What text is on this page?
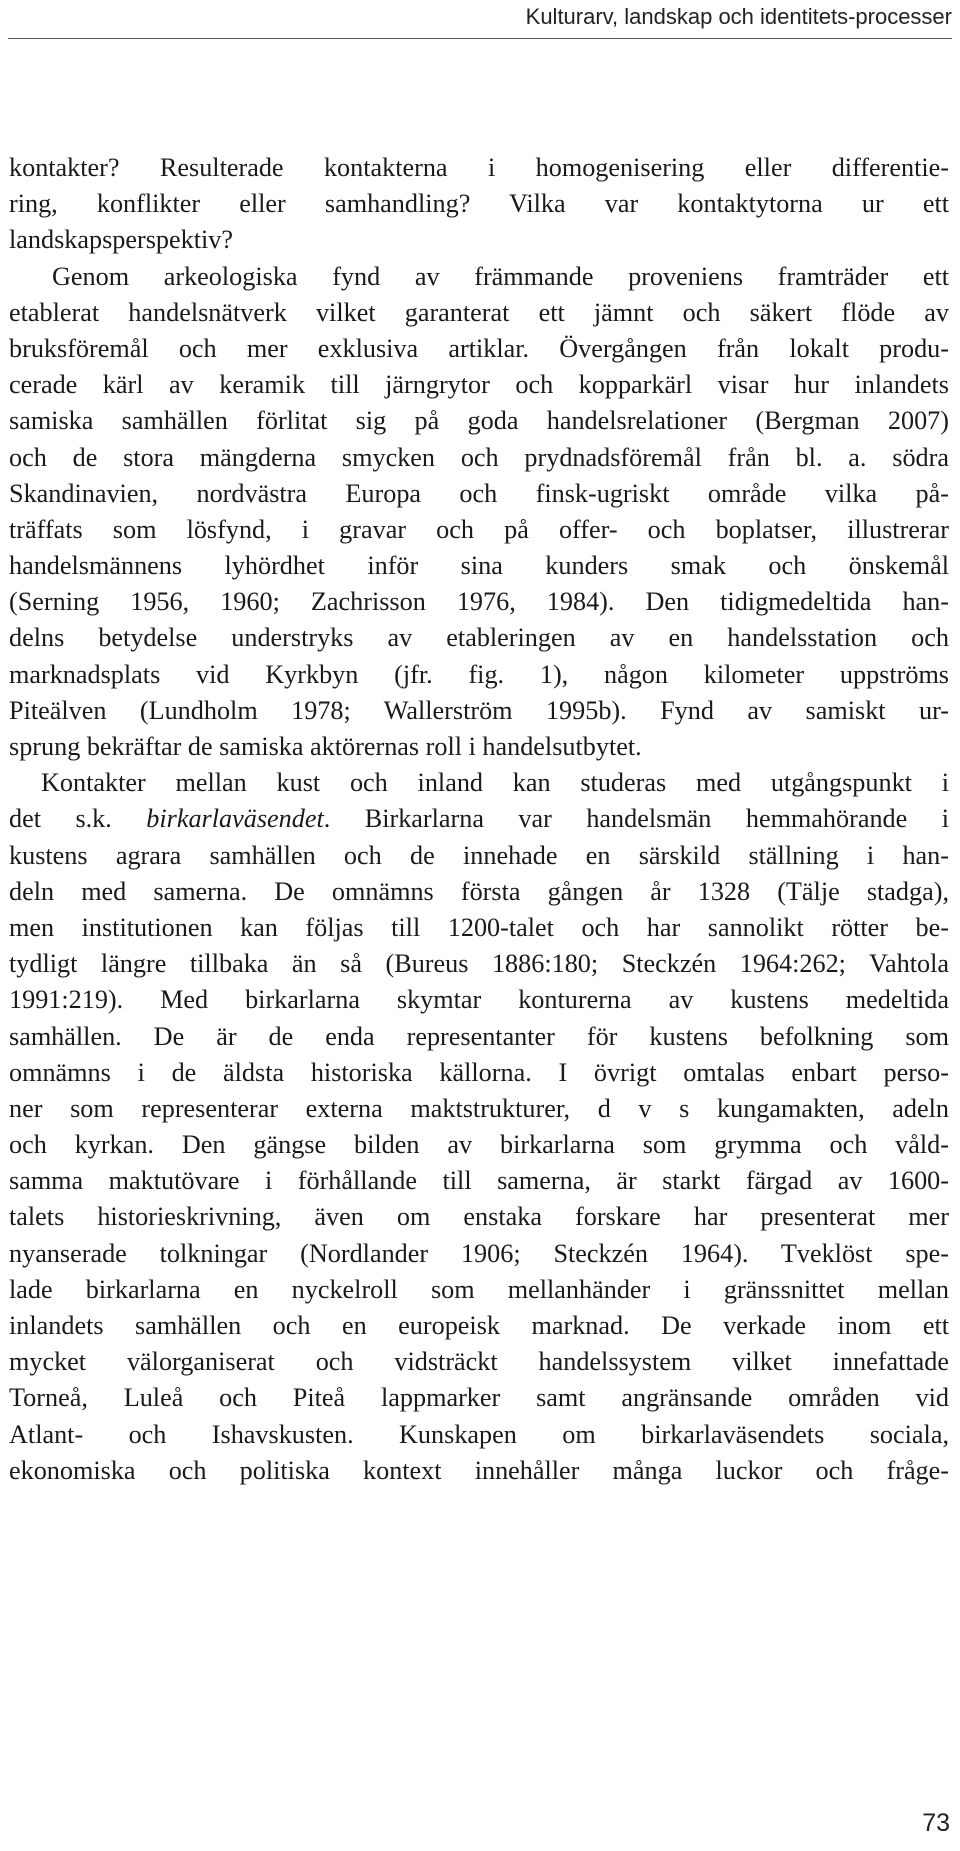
Kulturarv, landskap och identitets-processer
kontakter? Resulterade kontakterna i homogenisering eller differentie-
ring, konflikter eller samhandling? Vilka var kontaktytorna ur ett
landskapsperspektiv?
Genom arkeologiska fynd av främmande proveniens framträder ett
etablerat handelsnätverk vilket garanterat ett jämnt och säkert flöde av
bruksföremål och mer exklusiva artiklar. Övergången från lokalt produ-
cerade kärl av keramik till järngrytor och kopparkärl visar hur inlandets
samiska samhällen förlitat sig på goda handelsrelationer (Bergman 2007)
och de stora mängderna smycken och prydnadsföremål från bl. a. södra
Skandinavien, nordvästra Europa och finsk-ugriskt område vilka på-
träffats som lösfynd, i gravar och på offer- och boplatser, illustrerar
handelsmännens lyhördhet inför sina kunders smak och önskemål
(Serning 1956, 1960; Zachrisson 1976, 1984). Den tidigmedeltida han-
delns betydelse understryks av etableringen av en handelsstation och
marknadsplats vid Kyrkbyn (jfr. fig. 1), någon kilometer uppströms
Piteälven (Lundholm 1978; Wallerström 1995b). Fynd av samiskt ur-
sprung bekräftar de samiska aktörernas roll i handelsutbytet.
Kontakter mellan kust och inland kan studeras med utgångspunkt i
det s.k. birkarlaväsendet. Birkarlarna var handelsmän hemmahörande i
kustens agrara samhällen och de innehade en särskild ställning i han-
deln med samerna. De omnämns första gången år 1328 (Tälje stadga),
men institutionen kan följas till 1200-talet och har sannolikt rötter be-
tydligt längre tillbaka än så (Bureus 1886:180; Steckzén 1964:262; Vahtola
1991:219). Med birkarlarna skymtar konturerna av kustens medeltida
samhällen. De är de enda representanter för kustens befolkning som
omnämns i de äldsta historiska källorna. I övrigt omtalas enbart perso-
ner som representerar externa maktstrukturer, d v s kungamakten, adeln
och kyrkan. Den gängse bilden av birkarlarna som grymma och våld-
samma maktutövare i förhållande till samerna, är starkt färgad av 1600-
talets historieskrivning, även om enstaka forskare har presenterat mer
nyanserade tolkningar (Nordlander 1906; Steckzén 1964). Tveklöst spe-
lade birkarlarna en nyckelroll som mellanhänder i gränssnittet mellan
inlandets samhällen och en europeisk marknad. De verkade inom ett
mycket välorganiserat och vidsträckt handelssystem vilket innefattade
Torneå, Luleå och Piteå lappmarker samt angränsande områden vid
Atlant- och Ishavskusten. Kunskapen om birkarlaväsendets sociala,
ekonomiska och politiska kontext innehåller många luckor och fråge-
73
